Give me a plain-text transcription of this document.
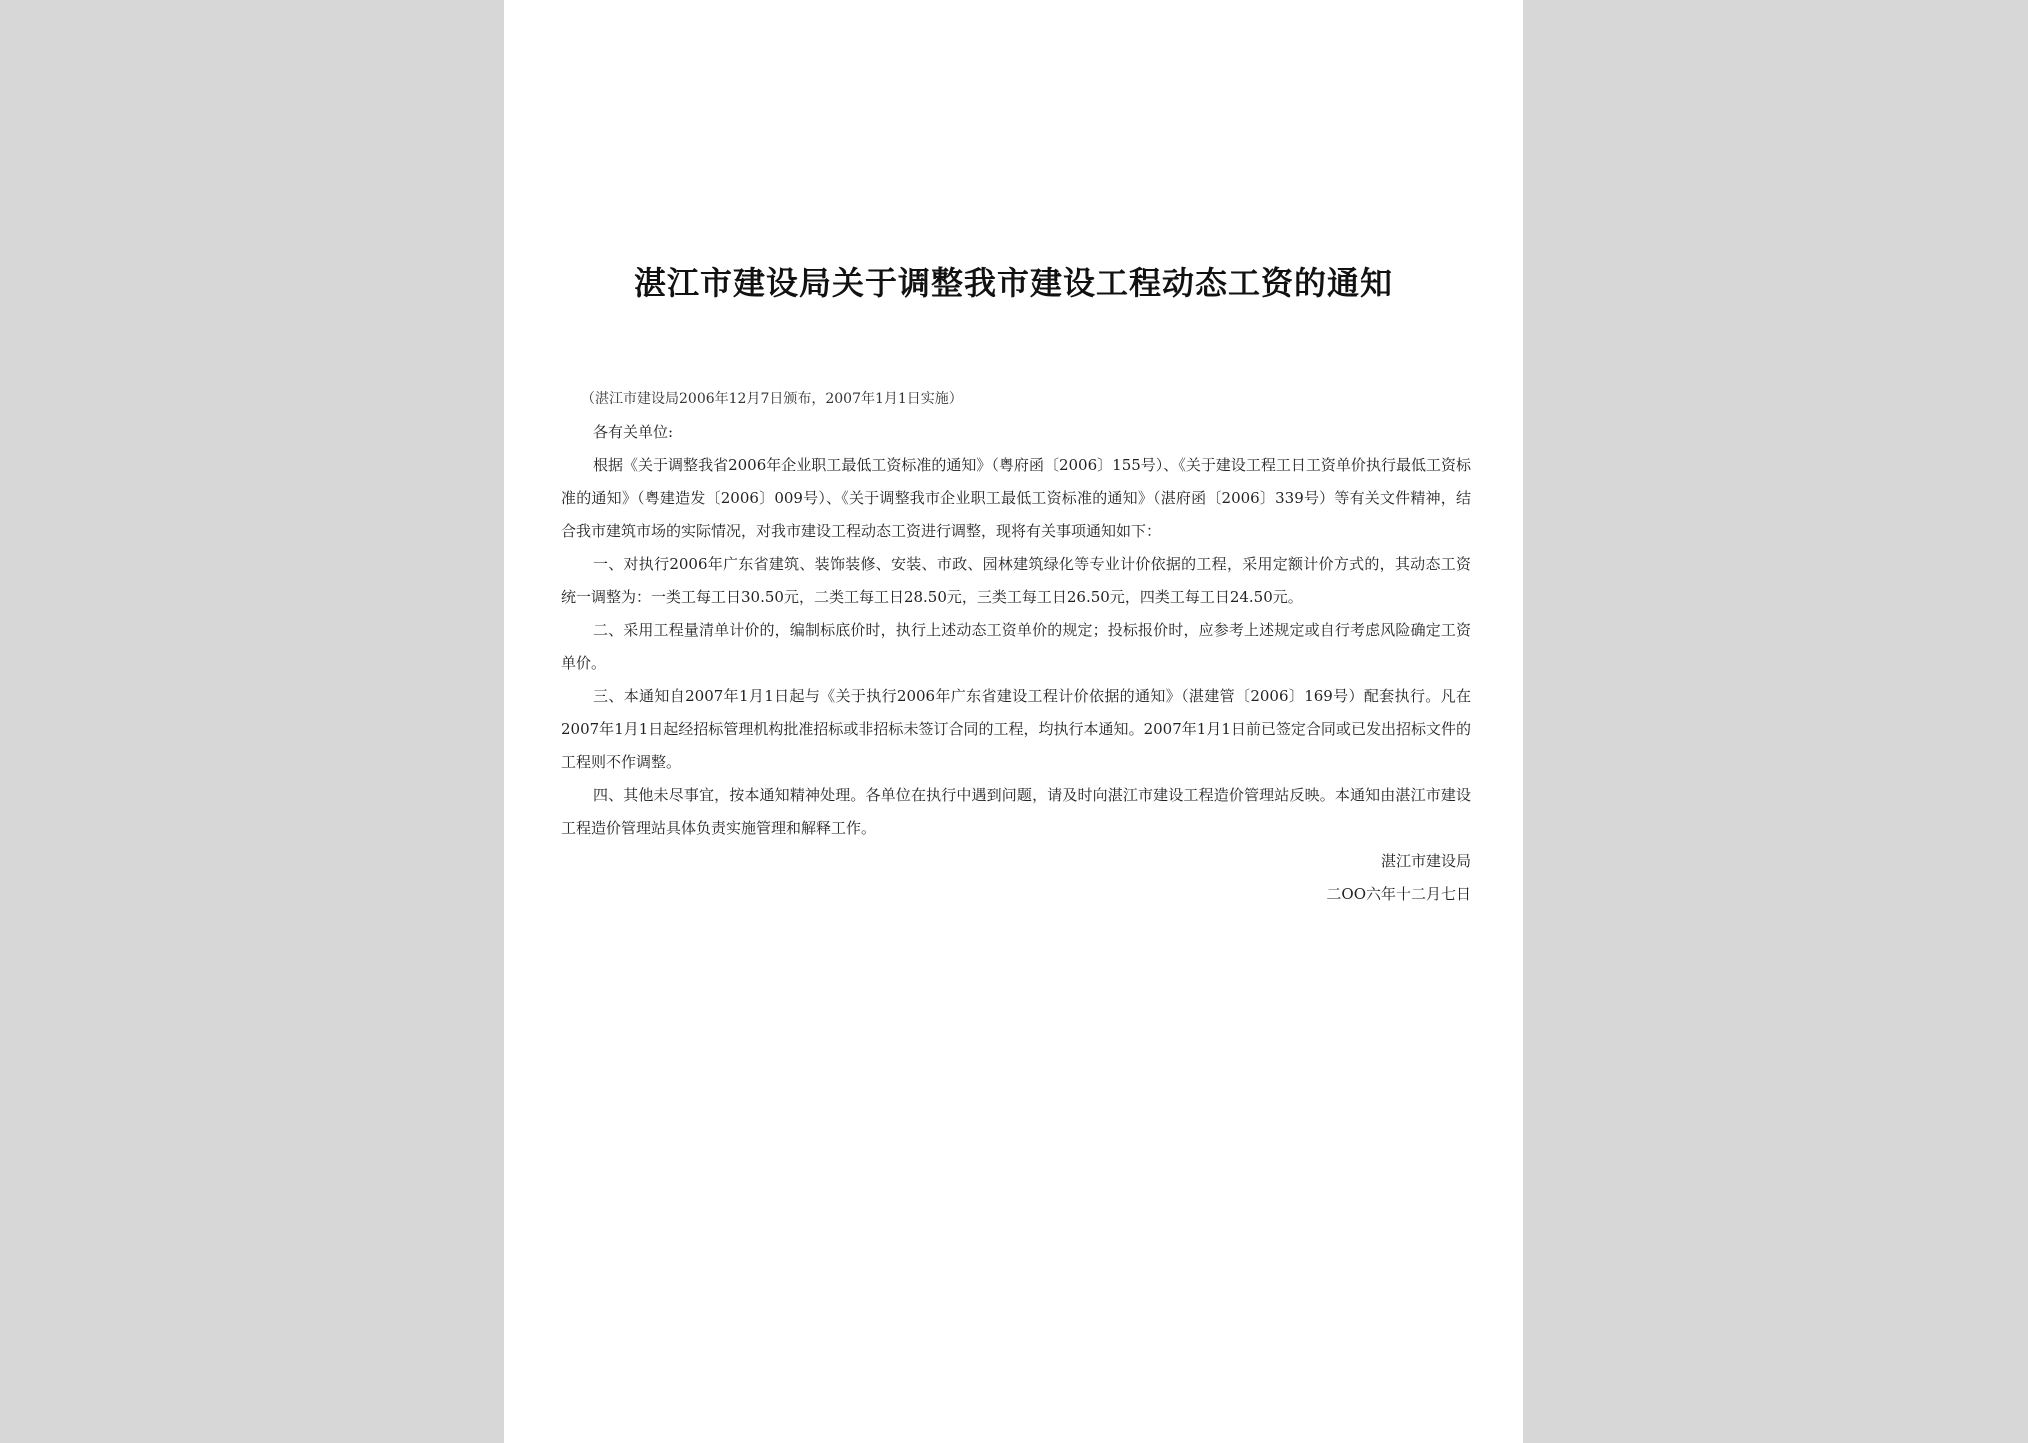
湛江市建设局关于调整我市建设工程动态工资的通知

（湛江市建设局2006年12月7日颁布，2007年1月1日实施）

各有关单位:

根据《关于调整我省2006年企业职工最低工资标准的通知》（粤府函〔2006〕155号）、《关于建设工程工日工资单价执行最低工资标准的通知》（粤建造发〔2006〕009号）、《关于调整我市企业职工最低工资标准的通知》（湛府函〔2006〕339号）等有关文件精神，结合我市建筑市场的实际情况，对我市建设工程动态工资进行调整，现将有关事项通知如下：

一、对执行2006年广东省建筑、装饰装修、安装、市政、园林建筑绿化等专业计价依据的工程，采用定额计价方式的，其动态工资统一调整为：一类工每工日30.50元，二类工每工日28.50元，三类工每工日26.50元，四类工每工日24.50元。

二、采用工程量清单计价的，编制标底价时，执行上述动态工资单价的规定；投标报价时，应参考上述规定或自行考虑风险确定工资单价。

三、本通知自2007年1月1日起与《关于执行2006年广东省建设工程计价依据的通知》（湛建管〔2006〕169号）配套执行。凡在2007年1月1日起经招标管理机构批准招标或非招标未签订合同的工程，均执行本通知。2007年1月1日前已签定合同或已发出招标文件的工程则不作调整。

四、其他未尽事宜，按本通知精神处理。各单位在执行中遇到问题，请及时向湛江市建设工程造价管理站反映。本通知由湛江市建设工程造价管理站具体负责实施管理和解释工作。

湛江市建设局

二OO六年十二月七日
